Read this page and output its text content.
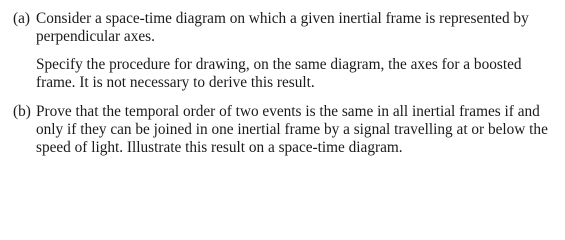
(a) Consider a space-time diagram on which a given inertial frame is represented by
perpendicular axes.

Specify the procedure for drawing, on the same diagram, the axes for a boosted
frame. It is not necessary to derive this result.

(b) Prove that the temporal order of two events is the same in all inertial frames if and
only if they can be joined in one inertial frame by a signal travelling at or below the
speed of light. Illustrate this result on a space-time diagram.
